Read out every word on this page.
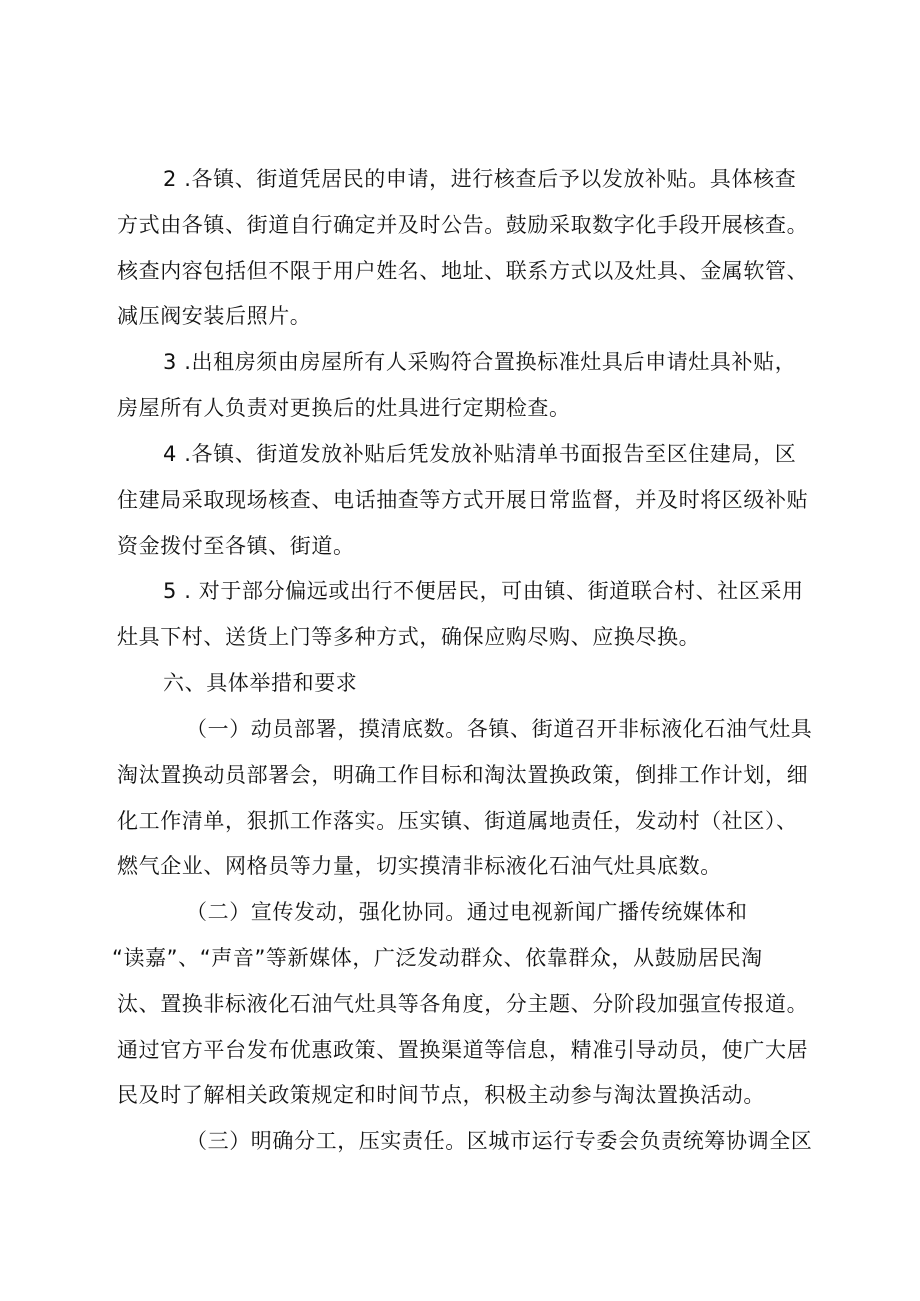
2 .各镇、街道凭居民的申请，进行核查后予以发放补贴。具体核查
方式由各镇、街道自行确定并及时公告。鼓励采取数字化手段开展核查。
核查内容包括但不限于用户姓名、地址、联系方式以及灶具、金属软管、
减压阀安装后照片。
3 .出租房须由房屋所有人采购符合置换标准灶具后申请灶具补贴，
房屋所有人负责对更换后的灶具进行定期检查。
4 .各镇、街道发放补贴后凭发放补贴清单书面报告至区住建局，区
住建局采取现场核查、电话抽查等方式开展日常监督，并及时将区级补贴
资金拨付至各镇、街道。
5 . 对于部分偏远或出行不便居民，可由镇、街道联合村、社区采用
灶具下村、送货上门等多种方式，确保应购尽购、应换尽换。
六、具体举措和要求
（一）动员部署，摸清底数。各镇、街道召开非标液化石油气灶具
淘汰置换动员部署会，明确工作目标和淘汰置换政策，倒排工作计划，细
化工作清单，狠抓工作落实。压实镇、街道属地责任，发动村（社区）、
燃气企业、网格员等力量，切实摸清非标液化石油气灶具底数。
（二）宣传发动，强化协同。通过电视新闻广播传统媒体和
“读嘉”、“声音”等新媒体，广泛发动群众、依靠群众，从鼓励居民淘
汰、置换非标液化石油气灶具等各角度，分主题、分阶段加强宣传报道。
通过官方平台发布优惠政策、置换渠道等信息，精准引导动员，使广大居
民及时了解相关政策规定和时间节点，积极主动参与淘汰置换活动。
（三）明确分工，压实责任。区城市运行专委会负责统筹协调全区
